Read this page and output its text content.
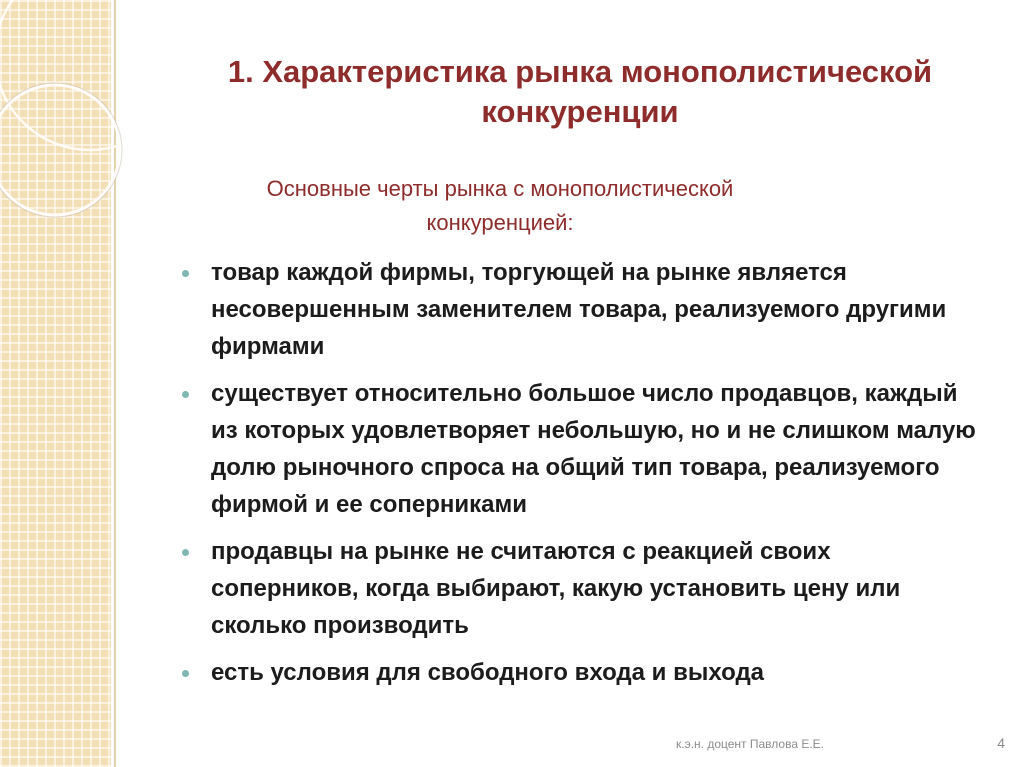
1. Характеристика рынка монополистической конкуренции
Основные черты рынка с монополистической конкуренцией:
товар каждой фирмы, торгующей на рынке является несовершенным заменителем товара, реализуемого другими фирмами
существует относительно большое число продавцов, каждый из которых удовлетворяет небольшую, но и не слишком малую долю рыночного спроса на общий тип товара, реализуемого фирмой и ее соперниками
продавцы на рынке не считаются с реакцией своих соперников, когда выбирают, какую установить цену или сколько производить
есть условия для свободного входа и выхода
к.э.н. доцент Павлова Е.Е.	4
